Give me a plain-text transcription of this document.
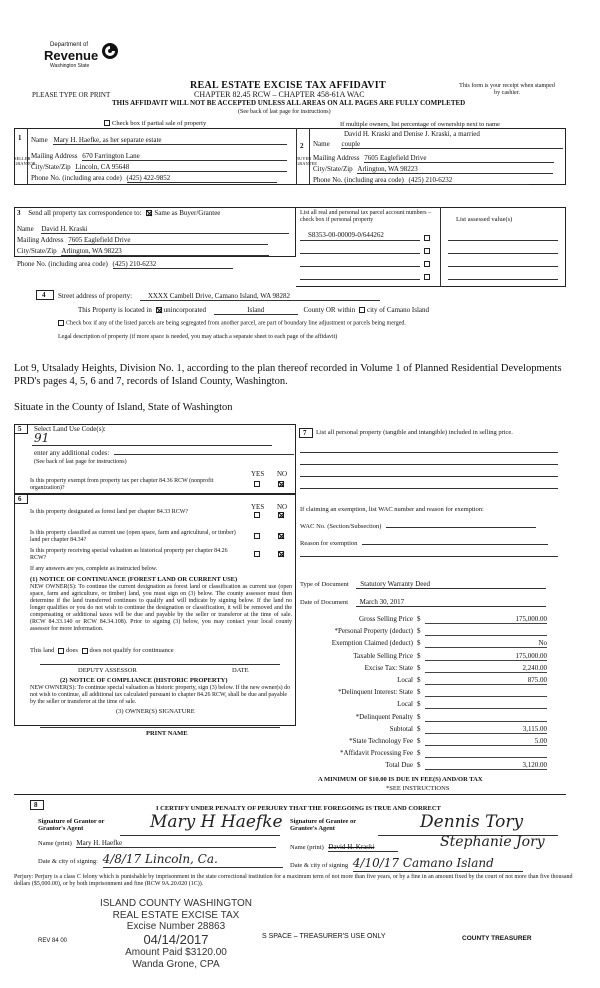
Department of
Revenue
Washington State
REAL ESTATE EXCISE TAX AFFIDAVIT
PLEASE TYPE OR PRINT	CHAPTER 82.45 RCW – CHAPTER 458-61A WAC
THIS AFFIDAVIT WILL NOT BE ACCEPTED UNLESS ALL AREAS ON ALL PAGES ARE FULLY COMPLETED
(See back of last page for instructions)
This form is your receipt when stamped by cashier.
Check box if partial sale of property	If multiple owners, list percentage of ownership next to name
1
SELLER GRANTOR
Name Mary H. Haefke, as her separate estate
Mailing Address 670 Farrington Lane
City/State/Zip Lincoln, CA 95648
Phone No. (including area code) (425) 422-9852
2
BUYER GRANTEE
David H. Kraski and Denise J. Kraski, a married
Name couple
Mailing Address 7605 Eaglefield Drive
City/State/Zip Arlington, WA 98223
Phone No. (including area code) (425) 210-6232
3 Send all property tax correspondence to: Same as Buyer/Grantee
Name David H. Kraski
Mailing Address 7605 Eaglefield Drive
City/State/Zip Arlington, WA 98223
Phone No. (including area code) (425) 210-6232
List all real and personal tax parcel account numbers – check box if personal property	List assessed value(s)
S8353-00-00009-0/644262
4 Street address of property: XXXX Cambell Drive, Camano Island, WA 98282
This Property is located in unincorporated	Island	County OR within city of Camano Island
Check box if any of the listed parcels are being segregated from another parcel, are part of boundary line adjustment or parcels being merged.
Legal description of property (if more space is needed, you may attach a separate sheet to each page of the affidavit)
Lot 9, Utsalady Heights, Division No. 1, according to the plan thereof recorded in Volume 1 of Planned Residential Developments PRD's pages 4, 5, 6 and 7, records of Island County, Washington.
Situate in the County of Island, State of Washington
5 Select Land Use Code(s):
91
enter any additional codes:
(See back of last page for instructions)
YES NO
Is this property exempt from property tax per chapter 84.36 RCW (nonprofit organization)?
6
YES NO
Is this property designated as forest land per chapter 84.33 RCW?
Is this property classified as current use (open space, farm and agricultural, or timber) land per chapter 84.34?
Is this property receiving special valuation as historical property per chapter 84.26 RCW?
If any answers are yes, complete as instructed below.
(1) NOTICE OF CONTINUANCE (FOREST LAND OR CURRENT USE)
NEW OWNER(S): To continue the current designation as forest land or classification as current use (open space, farm and agriculture, or timber) land, you must sign on (3) below. The county assessor must then determine if the land transferred continues to qualify and will indicate by signing below. If the land no longer qualifies or you do not wish to continue the designation or classification, it will be removed and the compensating or additional taxes will be due and payable by the seller or transferor at the time of sale. (RCW 84.33.140 or RCW 84.34.108). Prior to signing (3) below, you may contact your local county assessor for more information.
This land does does not qualify for continuance
DEPUTY ASSESSOR	DATE
(2) NOTICE OF COMPLIANCE (HISTORIC PROPERTY)
NEW OWNER(S): To continue special valuation as historic property, sign (3) below. If the new owner(s) do not wish to continue, all additional tax calculated pursuant to chapter 84.26 RCW, shall be due and payable by the seller or transferor at the time of sale.
(3) OWNER(S) SIGNATURE
PRINT NAME
7 List all personal property (tangible and intangible) included in selling price.
If claiming an exemption, list WAC number and reason for exemption:
WAC No. (Section/Subsection)
Reason for exemption
Type of Document Statutory Warranty Deed
Date of Document March 30, 2017
Gross Selling Price $	175,000.00
*Personal Property (deduct) $
Exemption Claimed (deduct) $	No
Taxable Selling Price $	175,000.00
Excise Tax: State $	2,240.00
Local $	875.00
*Delinquent Interest: State $
Local $
*Delinquent Penalty $
Subtotal $	3,115.00
*State Technology Fee $	5.00
*Affidavit Processing Fee $
Total Due $	3,120.00
A MINIMUM OF $10.00 IS DUE IN FEE(S) AND/OR TAX
*SEE INSTRUCTIONS
8	I CERTIFY UNDER PENALTY OF PERJURY THAT THE FOREGOING IS TRUE AND CORRECT
Signature of Grantor or Grantor's Agent	Mary H Haefke
Name (print) Mary H. Haefke
Date & city of signing: 4/8/17 Lincoln, Ca.
Signature of Grantee or Grantee's Agent	Dennis Tory
Name (print) David H. Kraski	Stephanie Jory
Date & city of signing 4/10/17 Camano Island
Perjury: Perjury is a class C felony which is punishable by imprisonment in the state correctional institution for a maximum term of not more than five years, or by a fine in an amount fixed by the court of not more than five thousand dollars ($5,000.00), or by both imprisonment and fine (RCW 9A.20.020 (1C)).
REV 84 00
ISLAND COUNTY WASHINGTON
REAL ESTATE EXCISE TAX
Excise Number 28863
04/14/2017
Amount Paid $3120.00
Wanda Grone, CPA
S SPACE – TREASURER'S USE ONLY	COUNTY TREASURER
